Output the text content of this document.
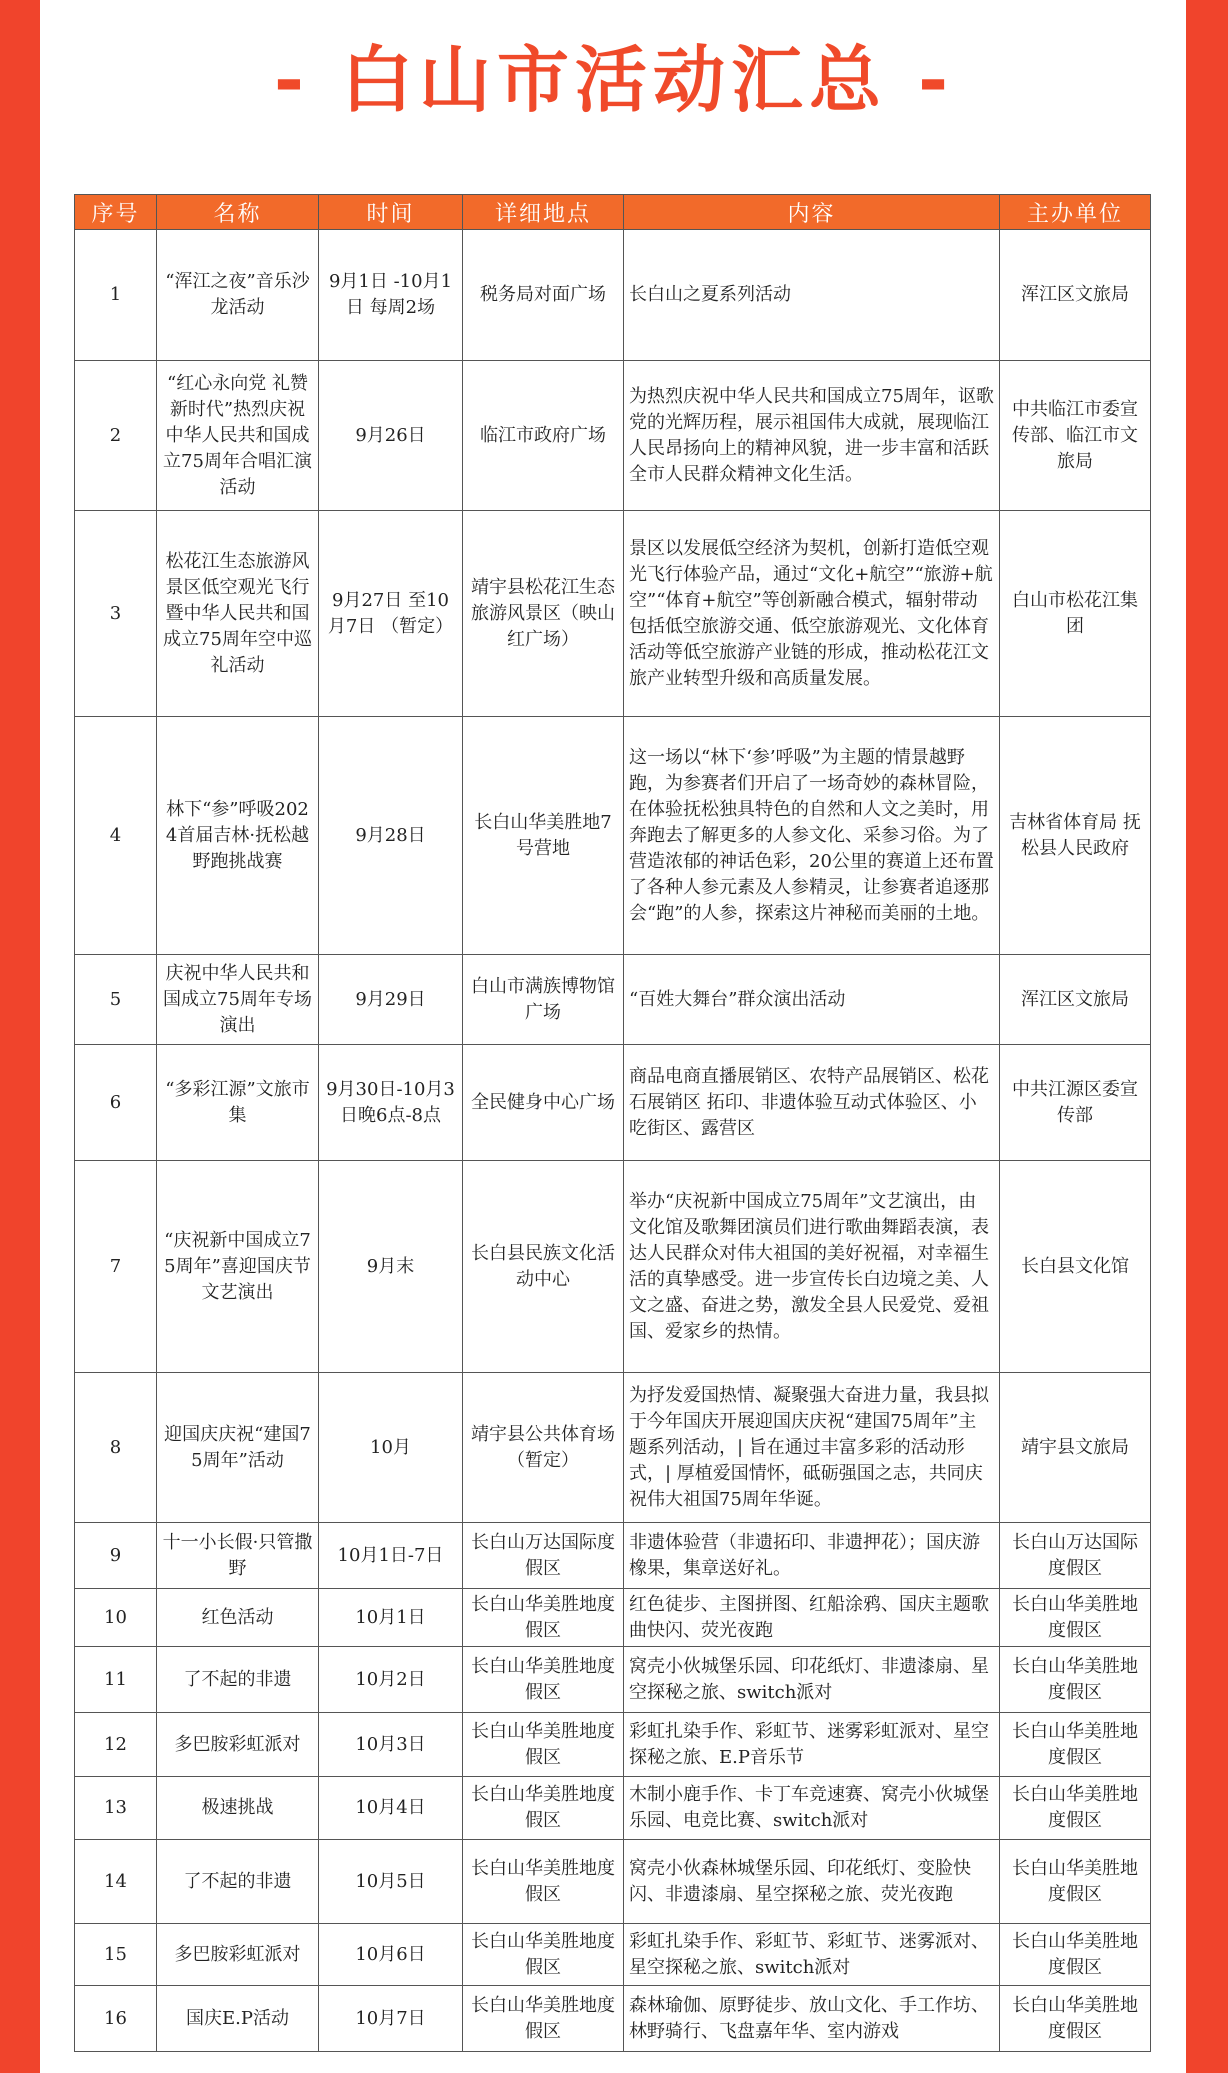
- 白山市活动汇总 -
序号	名称	时间	详细地点	内容	主办单位
1	“浑江之夜”音乐沙龙活动	9月1日 -10月1日 每周2场	税务局对面广场	长白山之夏系列活动	浑江区文旅局
2	“红心永向党 礼赞新时代”热烈庆祝中华人民共和国成立75周年合唱汇演活动	9月26日	临江市政府广场	为热烈庆祝中华人民共和国成立75周年，讴歌党的光辉历程，展示祖国伟大成就，展现临江人民昂扬向上的精神风貌，进一步丰富和活跃全市人民群众精神文化生活。	中共临江市委宣传部、临江市文旅局
3	松花江生态旅游风景区低空观光飞行暨中华人民共和国成立75周年空中巡礼活动	9月27日 至10月7日 （暂定）	靖宇县松花江生态旅游风景区（映山红广场）	景区以发展低空经济为契机，创新打造低空观光飞行体验产品，通过“文化+航空”“旅游+航空”“体育+航空”等创新融合模式，辐射带动包括低空旅游交通、低空旅游观光、文化体育活动等低空旅游产业链的形成，推动松花江文旅产业转型升级和高质量发展。	白山市松花江集团
4	林下“参”呼吸2024首届吉林·抚松越野跑挑战赛	9月28日	长白山华美胜地7号营地	这一场以“林下‘参’呼吸”为主题的情景越野跑，为参赛者们开启了一场奇妙的森林冒险，在体验抚松独具特色的自然和人文之美时，用奔跑去了解更多的人参文化、采参习俗。为了营造浓郁的神话色彩，20公里的赛道上还布置了各种人参元素及人参精灵，让参赛者追逐那会“跑”的人参，探索这片神秘而美丽的土地。	吉林省体育局 抚松县人民政府
5	庆祝中华人民共和国成立75周年专场演出	9月29日	白山市满族博物馆广场	“百姓大舞台”群众演出活动	浑江区文旅局
6	“多彩江源”文旅市集	9月30日-10月3日晚6点-8点	全民健身中心广场	商品电商直播展销区、农特产品展销区、松花石展销区 拓印、非遗体验互动式体验区、小吃街区、露营区	中共江源区委宣传部
7	“庆祝新中国成立75周年”喜迎国庆节文艺演出	9月末	长白县民族文化活动中心	举办“庆祝新中国成立75周年”文艺演出，由文化馆及歌舞团演员们进行歌曲舞蹈表演，表达人民群众对伟大祖国的美好祝福，对幸福生活的真挚感受。进一步宣传长白边境之美、人文之盛、奋进之势，激发全县人民爱党、爱祖国、爱家乡的热情。	长白县文化馆
8	迎国庆庆祝“建国75周年”活动	10月	靖宇县公共体育场（暂定）	为抒发爱国热情、凝聚强大奋进力量，我县拟于今年国庆开展迎国庆庆祝“建国75周年”主题系列活动，| 旨在通过丰富多彩的活动形式，| 厚植爱国情怀，砥砺强国之志，共同庆祝伟大祖国75周年华诞。	靖宇县文旅局
9	十一小长假·只管撒野	10月1日-7日	长白山万达国际度假区	非遗体验营（非遗拓印、非遗押花）；国庆游橡果，集章送好礼。	长白山万达国际度假区
10	红色活动	10月1日	长白山华美胜地度假区	红色徒步、主图拼图、红船涂鸦、国庆主题歌曲快闪、荧光夜跑	长白山华美胜地度假区
11	了不起的非遗	10月2日	长白山华美胜地度假区	窝壳小伙城堡乐园、印花纸灯、非遗漆扇、星空探秘之旅、switch派对	长白山华美胜地度假区
12	多巴胺彩虹派对	10月3日	长白山华美胜地度假区	彩虹扎染手作、彩虹节、迷雾彩虹派对、星空探秘之旅、E.P音乐节	长白山华美胜地度假区
13	极速挑战	10月4日	长白山华美胜地度假区	木制小鹿手作、卡丁车竞速赛、窝壳小伙城堡乐园、电竞比赛、switch派对	长白山华美胜地度假区
14	了不起的非遗	10月5日	长白山华美胜地度假区	窝壳小伙森林城堡乐园、印花纸灯、变脸快闪、非遗漆扇、星空探秘之旅、荧光夜跑	长白山华美胜地度假区
15	多巴胺彩虹派对	10月6日	长白山华美胜地度假区	彩虹扎染手作、彩虹节、彩虹节、迷雾派对、星空探秘之旅、switch派对	长白山华美胜地度假区
16	国庆E.P活动	10月7日	长白山华美胜地度假区	森林瑜伽、原野徒步、放山文化、手工作坊、林野骑行、飞盘嘉年华、室内游戏	长白山华美胜地度假区
